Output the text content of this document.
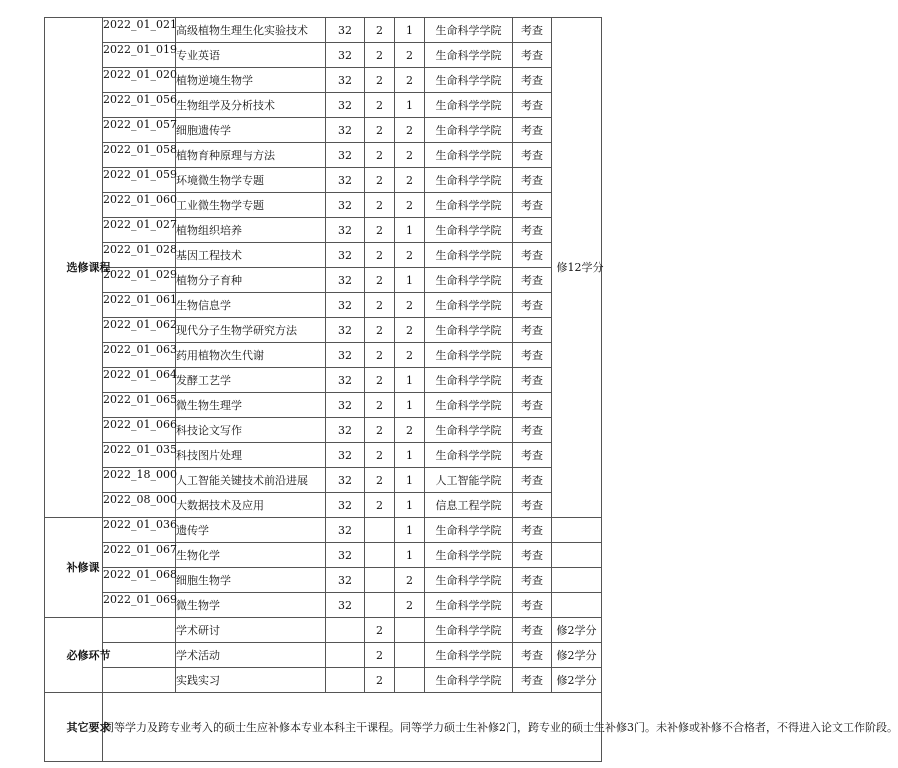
选修课程	2022_01_021	高级植物生理生化实验技术	32	2	1	生命科学学院	考查	修12学分
	2022_01_019	专业英语	32	2	2	生命科学学院	考查	
	2022_01_020	植物逆境生物学	32	2	2	生命科学学院	考查	
	2022_01_056	生物组学及分析技术	32	2	1	生命科学学院	考查	
	2022_01_057	细胞遗传学	32	2	2	生命科学学院	考查	
	2022_01_058	植物育种原理与方法	32	2	2	生命科学学院	考查	
	2022_01_059	环境微生物学专题	32	2	2	生命科学学院	考查	
	2022_01_060	工业微生物学专题	32	2	2	生命科学学院	考查	
	2022_01_027	植物组织培养	32	2	1	生命科学学院	考查	
	2022_01_028	基因工程技术	32	2	2	生命科学学院	考查	
	2022_01_029	植物分子育种	32	2	1	生命科学学院	考查	
	2022_01_061	生物信息学	32	2	2	生命科学学院	考查	
	2022_01_062	现代分子生物学研究方法	32	2	2	生命科学学院	考查	
	2022_01_063	药用植物次生代谢	32	2	2	生命科学学院	考查	
	2022_01_064	发酵工艺学	32	2	1	生命科学学院	考查	
	2022_01_065	微生物生理学	32	2	1	生命科学学院	考查	
	2022_01_066	科技论文写作	32	2	2	生命科学学院	考查	
	2022_01_035	科技图片处理	32	2	1	生命科学学院	考查	
	2022_18_000	人工智能关键技术前沿进展	32	2	1	人工智能学院	考查	
	2022_08_000	大数据技术及应用	32	2	1	信息工程学院	考查	
补修课	2022_01_036	遗传学	32		1	生命科学学院	考查	
	2022_01_067	生物化学	32		1	生命科学学院	考查	
	2022_01_068	细胞生物学	32		2	生命科学学院	考查	
	2022_01_069	微生物学	32		2	生命科学学院	考查	
必修环节		学术研讨		2		生命科学学院	考查	修2学分
		学术活动		2		生命科学学院	考查	修2学分
		实践实习		2		生命科学学院	考查	修2学分
其它要求	同等学力及跨专业考入的硕士生应补修本专业本科主干课程。同等学力硕士生补修2门，跨专业的硕士生补修3门。未补修或补修不合格者，不得进入论文工作阶段。							
